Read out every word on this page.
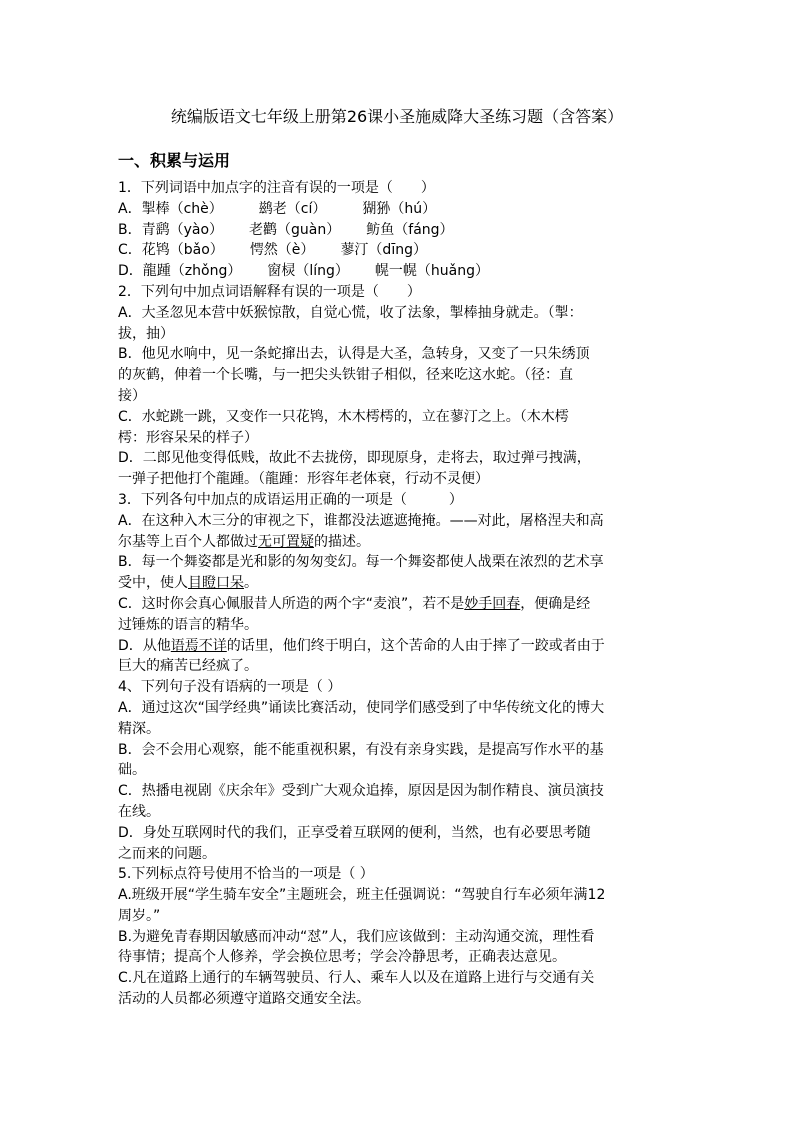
统编版语文七年级上册第26课小圣施威降大圣练习题（含答案）
一、积累与运用
1．下列词语中加点字的注音有误的一项是（　　）
A．掣棒（chè）	鹚老（cí）	猢狲（hú）
B．青鹞（yào） 老鹳（guàn） 鲂鱼（fáng）
C．花鸨（bǎo） 愕然（è） 蓼汀（dīng）
D．龍踵（zhǒng） 窗棂（líng） 幌一幌（huǎng）
2．下列句中加点词语解释有误的一项是（　　）
A．大圣忽见本营中妖猴惊散，自觉心慌，收了法象，掣棒抽身就走。（掣：
拔，抽）
B．他见水响中，见一条蛇撺出去，认得是大圣，急转身，又变了一只朱绣顶
的灰鹤，伸着一个长嘴，与一把尖头铁钳子相似，径来吃这水蛇。（径：直
接）
C．水蛇跳一跳，又变作一只花鸨，木木樗樗的，立在蓼汀之上。（木木樗
樗：形容呆呆的样子）
D．二郎见他变得低贱，故此不去拢傍，即现原身，走将去，取过弹弓拽满，
一弹子把他打个龍踵。（龍踵：形容年老体衰，行动不灵便）
3．下列各句中加点的成语运用正确的一项是（　　　）
A．在这种入木三分的审视之下，谁都没法遮遮掩掩。——对此，屠格涅夫和高
尔基等上百个人都做过无可置疑的描述。
B．每一个舞姿都是光和影的匆匆变幻。每一个舞姿都使人战栗在浓烈的艺术享
受中，使人目瞪口呆。
C．这时你会真心佩服昔人所造的两个字“麦浪”，若不是妙手回春，便确是经
过锤炼的语言的精华。
D．从他语焉不详的话里，他们终于明白，这个苦命的人由于摔了一跤或者由于
巨大的痛苦已经疯了。
4、下列句子没有语病的一项是（ ）
A．通过这次“国学经典”诵读比赛活动，使同学们感受到了中华传统文化的博大
精深。
B．会不会用心观察，能不能重视积累，有没有亲身实践，是提高写作水平的基
础。
C．热播电视剧《庆余年》受到广大观众追捧，原因是因为制作精良、演员演技
在线。
D．身处互联网时代的我们，正享受着互联网的便利，当然，也有必要思考随
之而来的问题。
5.下列标点符号使用不恰当的一项是（ ）
A.班级开展“学生骑车安全”主题班会，班主任强调说：“驾驶自行车必须年满12
周岁。”
B.为避免青春期因敏感而冲动“怼”人，我们应该做到：主动沟通交流，理性看
待事情；提高个人修养，学会换位思考；学会冷静思考，正确表达意见。
C.凡在道路上通行的车辆驾驶员、行人、乘车人以及在道路上进行与交通有关
活动的人员都必须遵守道路交通安全法。
